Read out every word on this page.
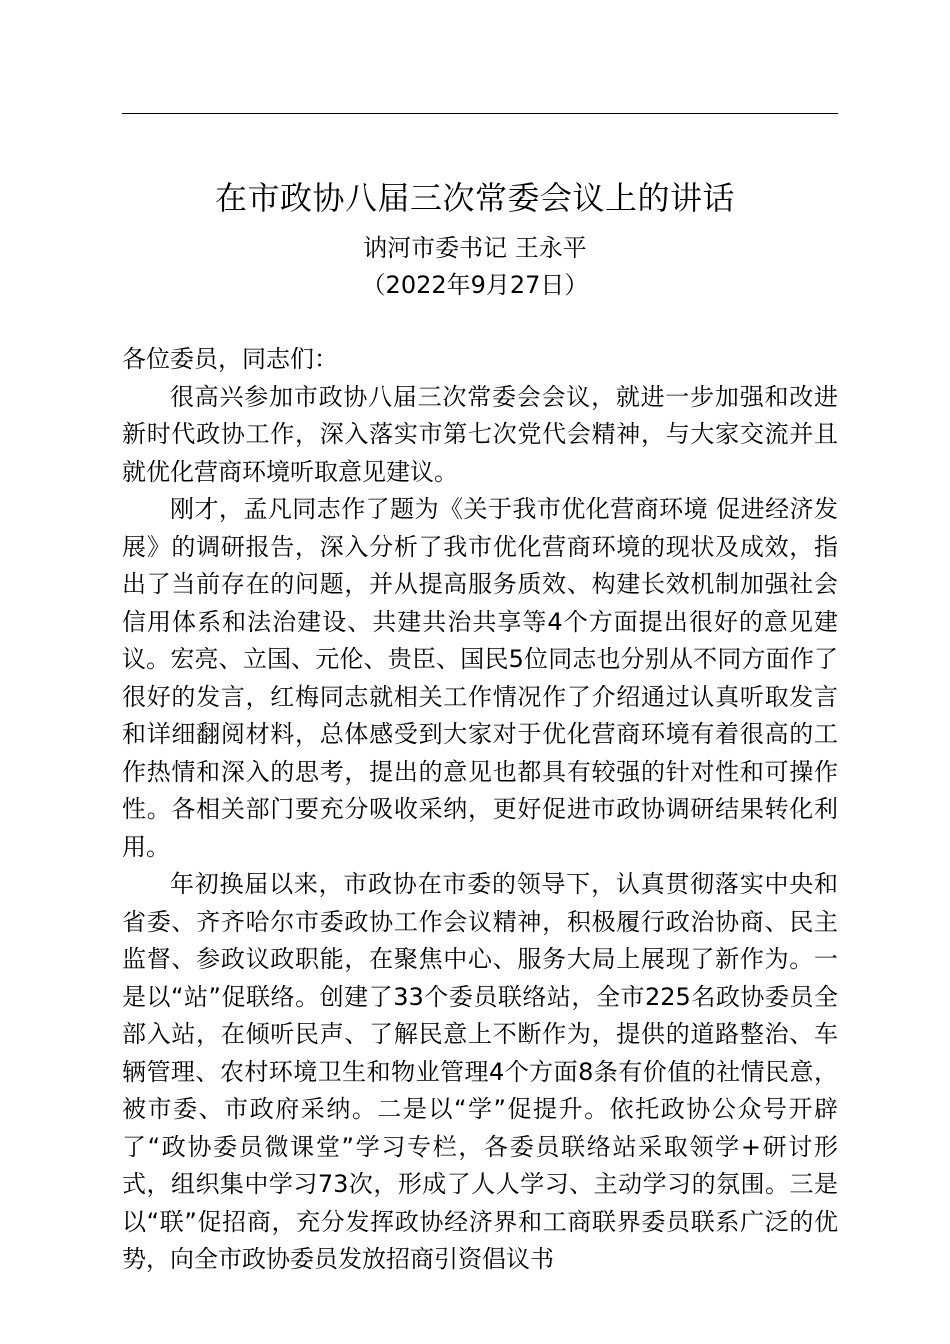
在市政协八届三次常委会议上的讲话
讷河市委书记 王永平
（2022年9月27日）

各位委员，同志们：

很高兴参加市政协八届三次常委会会议，就进一步加强和改进新时代政协工作，深入落实市第七次党代会精神，与大家交流并且就优化营商环境听取意见建议。

刚才，孟凡同志作了题为《关于我市优化营商环境 促进经济发展》的调研报告，深入分析了我市优化营商环境的现状及成效，指出了当前存在的问题，并从提高服务质效、构建长效机制加强社会信用体系和法治建设、共建共治共享等4个方面提出很好的意见建议。宏亮、立国、元伦、贵臣、国民5位同志也分别从不同方面作了很好的发言，红梅同志就相关工作情况作了介绍通过认真听取发言和详细翻阅材料，总体感受到大家对于优化营商环境有着很高的工作热情和深入的思考，提出的意见也都具有较强的针对性和可操作性。各相关部门要充分吸收采纳，更好促进市政协调研结果转化利用。

年初换届以来，市政协在市委的领导下，认真贯彻落实中央和省委、齐齐哈尔市委政协工作会议精神，积极履行政治协商、民主监督、参政议政职能，在聚焦中心、服务大局上展现了新作为。一是以“站”促联络。创建了33个委员联络站，全市225名政协委员全部入站，在倾听民声、了解民意上不断作为，提供的道路整治、车辆管理、农村环境卫生和物业管理4个方面8条有价值的社情民意，被市委、市政府采纳。二是以“学”促提升。依托政协公众号开辟了“政协委员微课堂”学习专栏，各委员联络站采取领学+研讨形式，组织集中学习73次，形成了人人学习、主动学习的氛围。三是以“联”促招商，充分发挥政协经济界和工商联界委员联系广泛的优势，向全市政协委员发放招商引资倡议书
